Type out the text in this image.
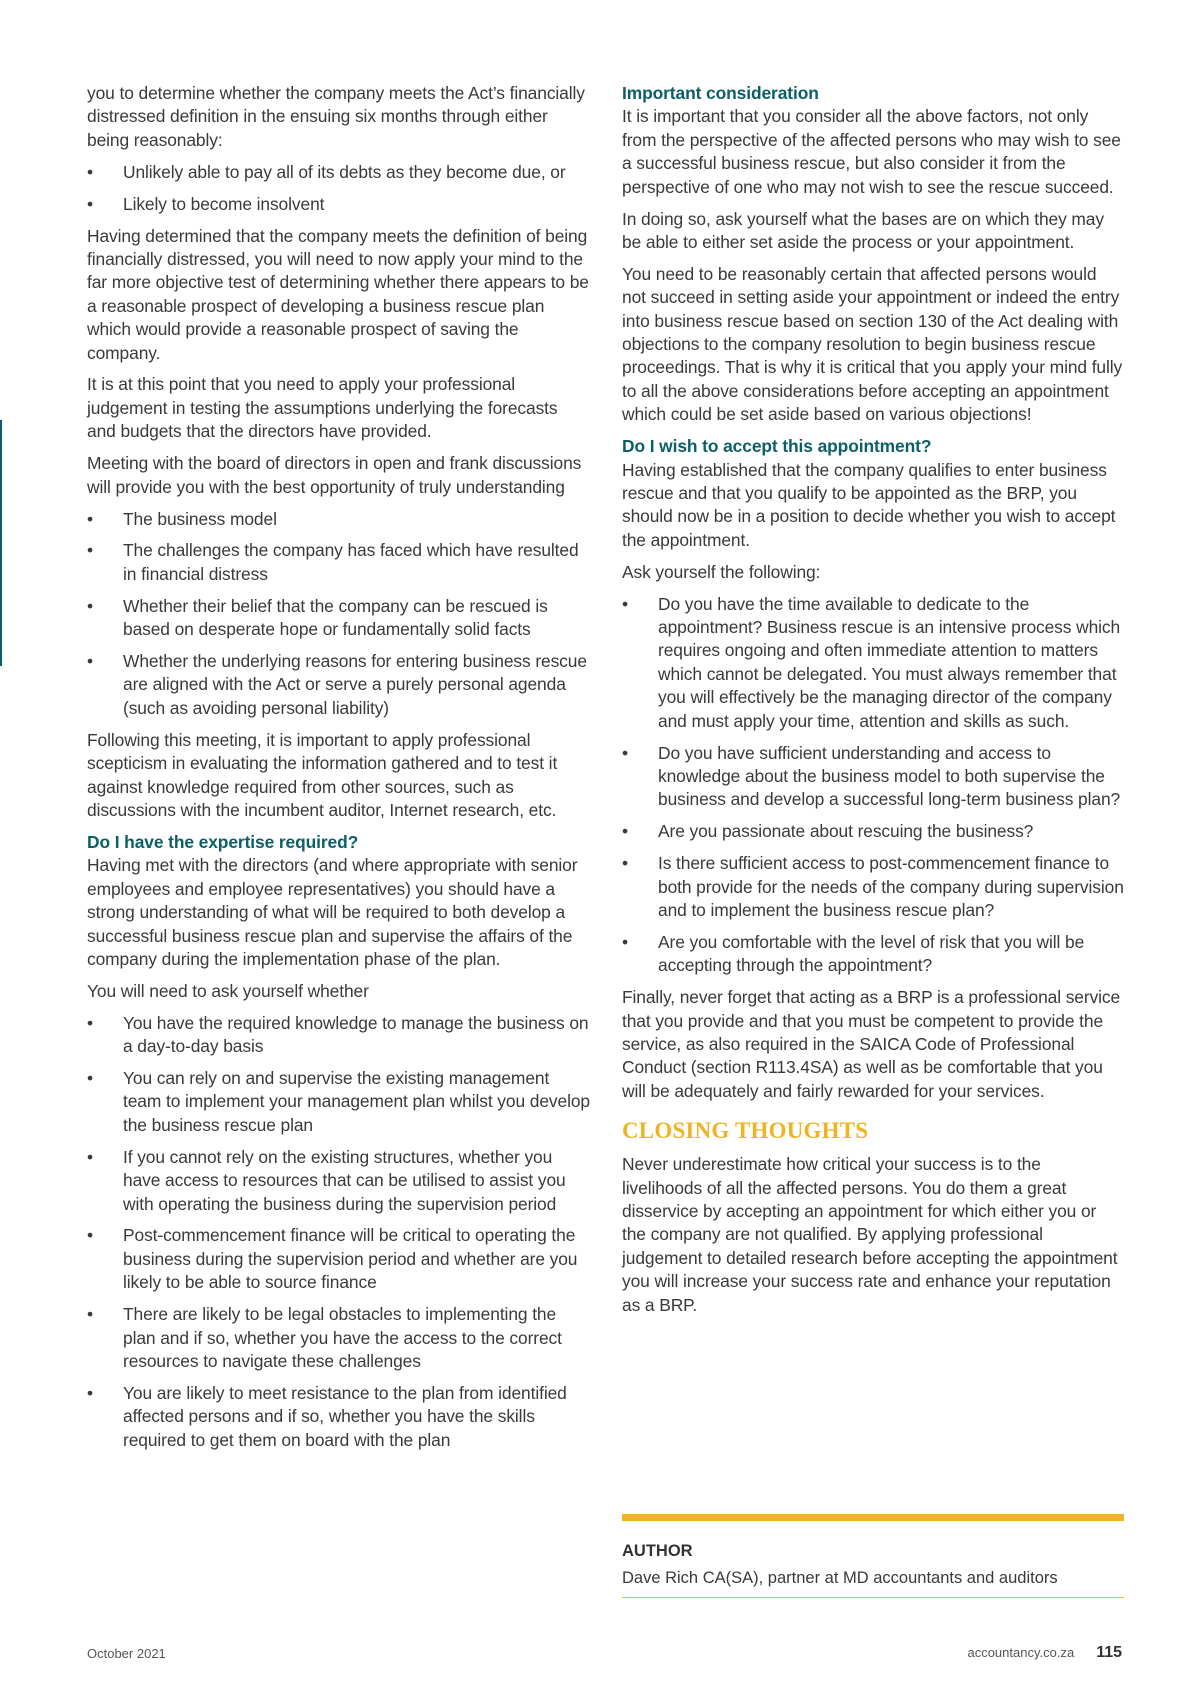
you to determine whether the company meets the Act’s financially distressed definition in the ensuing six months through either being reasonably:

• Unlikely able to pay all of its debts as they become due, or
• Likely to become insolvent

Having determined that the company meets the definition of being financially distressed, you will need to now apply your mind to the far more objective test of determining whether there appears to be a reasonable prospect of developing a business rescue plan which would provide a reasonable prospect of saving the company.

It is at this point that you need to apply your professional judgement in testing the assumptions underlying the forecasts and budgets that the directors have provided.

Meeting with the board of directors in open and frank discussions will provide you with the best opportunity of truly understanding

• The business model
• The challenges the company has faced which have resulted in financial distress
• Whether their belief that the company can be rescued is based on desperate hope or fundamentally solid facts
• Whether the underlying reasons for entering business rescue are aligned with the Act or serve a purely personal agenda (such as avoiding personal liability)

Following this meeting, it is important to apply professional scepticism in evaluating the information gathered and to test it against knowledge required from other sources, such as discussions with the incumbent auditor, Internet research, etc.

Do I have the expertise required?

Having met with the directors (and where appropriate with senior employees and employee representatives) you should have a strong understanding of what will be required to both develop a successful business rescue plan and supervise the affairs of the company during the implementation phase of the plan.

You will need to ask yourself whether

• You have the required knowledge to manage the business on a day-to-day basis
• You can rely on and supervise the existing management team to implement your management plan whilst you develop the business rescue plan
• If you cannot rely on the existing structures, whether you have access to resources that can be utilised to assist you with operating the business during the supervision period
• Post-commencement finance will be critical to operating the business during the supervision period and whether are you likely to be able to source finance
• There are likely to be legal obstacles to implementing the plan and if so, whether you have the access to the correct resources to navigate these challenges
• You are likely to meet resistance to the plan from identified affected persons and if so, whether you have the skills required to get them on board with the plan
Important consideration

It is important that you consider all the above factors, not only from the perspective of the affected persons who may wish to see a successful business rescue, but also consider it from the perspective of one who may not wish to see the rescue succeed.

In doing so, ask yourself what the bases are on which they may be able to either set aside the process or your appointment.

You need to be reasonably certain that affected persons would not succeed in setting aside your appointment or indeed the entry into business rescue based on section 130 of the Act dealing with objections to the company resolution to begin business rescue proceedings. That is why it is critical that you apply your mind fully to all the above considerations before accepting an appointment which could be set aside based on various objections!

Do I wish to accept this appointment?

Having established that the company qualifies to enter business rescue and that you qualify to be appointed as the BRP, you should now be in a position to decide whether you wish to accept the appointment.

Ask yourself the following:

• Do you have the time available to dedicate to the appointment? Business rescue is an intensive process which requires ongoing and often immediate attention to matters which cannot be delegated. You must always remember that you will effectively be the managing director of the company and must apply your time, attention and skills as such.
• Do you have sufficient understanding and access to knowledge about the business model to both supervise the business and develop a successful long-term business plan?
• Are you passionate about rescuing the business?
• Is there sufficient access to post-commencement finance to both provide for the needs of the company during supervision and to implement the business rescue plan?
• Are you comfortable with the level of risk that you will be accepting through the appointment?

Finally, never forget that acting as a BRP is a professional service that you provide and that you must be competent to provide the service, as also required in the SAICA Code of Professional Conduct (section R113.4SA) as well as be comfortable that you will be adequately and fairly rewarded for your services.

CLOSING THOUGHTS

Never underestimate how critical your success is to the livelihoods of all the affected persons. You do them a great disservice by accepting an appointment for which either you or the company are not qualified. By applying professional judgement to detailed research before accepting the appointment you will increase your success rate and enhance your reputation as a BRP.

AUTHOR
Dave Rich CA(SA), partner at MD accountants and auditors
October 2021	accountancy.co.za 115
